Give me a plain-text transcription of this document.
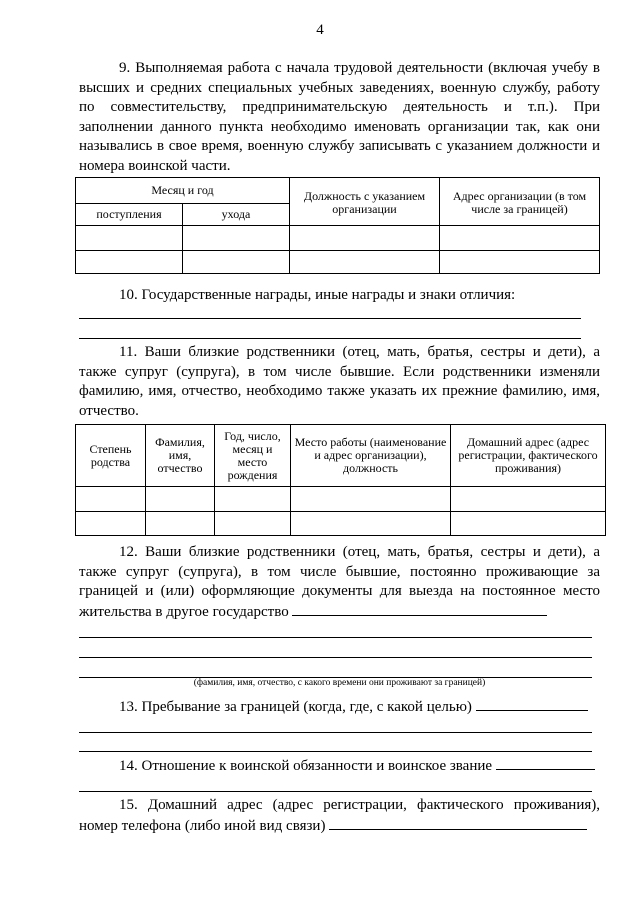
4
9. Выполняемая работа с начала трудовой деятельности (включая учебу в высших и средних специальных учебных заведениях, военную службу, работу по совместительству, предпринимательскую деятельность и т.п.). При заполнении данного пункта необходимо именовать организации так, как они назывались в свое время, военную службу записывать с указанием должности и номера воинской части.
Месяц и год		Должность с указанием организации	Адрес организации (в том числе за границей)
поступления	ухода		

10. Государственные награды, иные награды и знаки отличия:
11. Ваши близкие родственники (отец, мать, братья, сестры и дети), а также супруг (супруга), в том числе бывшие. Если родственники изменяли фамилию, имя, отчество, необходимо также указать их прежние фамилию, имя, отчество.
Степень родства	Фамилия, имя, отчество	Год, число, месяц и место рождения	Место работы (наименование и адрес организации), должность	Домашний адрес (адрес регистрации, фактического проживания)

12. Ваши близкие родственники (отец, мать, братья, сестры и дети), а также супруг (супруга), в том числе бывшие, постоянно проживающие за границей и (или) оформляющие документы для выезда на постоянное место жительства в другое государство
(фамилия, имя, отчество, с какого времени они проживают за границей)
13. Пребывание за границей (когда, где, с какой целью)
14. Отношение к воинской обязанности и воинское звание
15. Домашний адрес (адрес регистрации, фактического проживания), номер телефона (либо иной вид связи)
